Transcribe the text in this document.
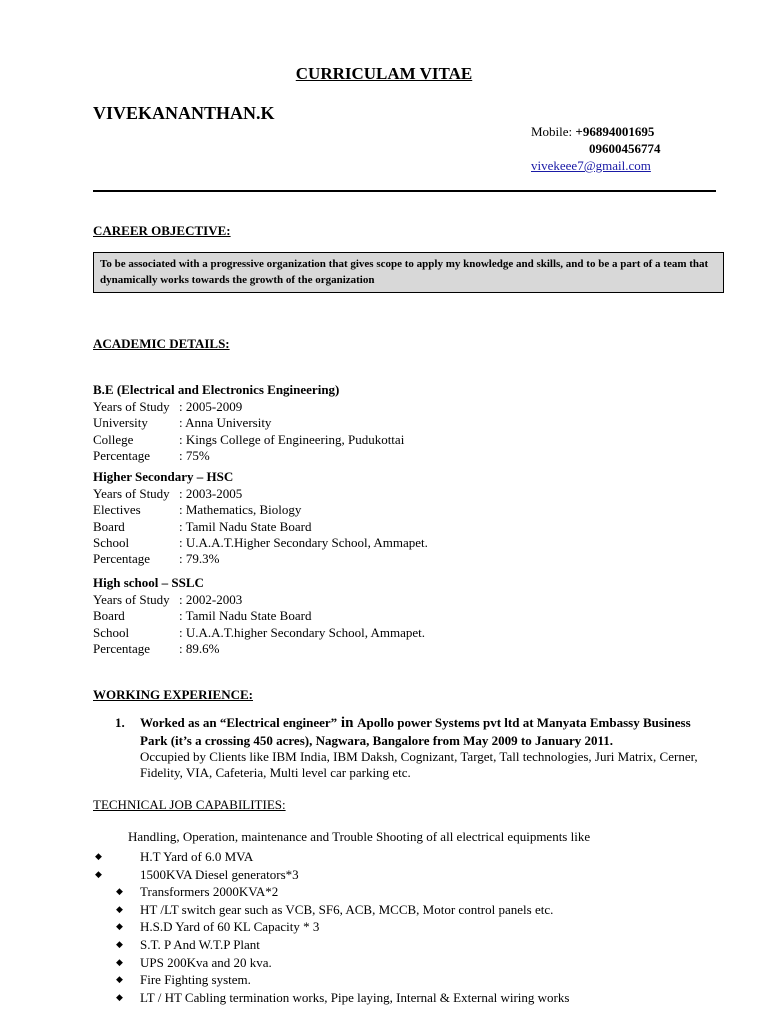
CURRICULAM VITAE
VIVEKANANTHAN.K
Mobile: +96894001695
09600456774
vivekeee7@gmail.com
CAREER OBJECTIVE:
To be associated with a progressive organization that gives scope to apply my knowledge and skills, and to be a part of a team that dynamically works towards the growth of the organization
ACADEMIC DETAILS:
B.E (Electrical and Electronics Engineering)
Years of Study : 2005-2009
University	: Anna University
College	: Kings College of Engineering, Pudukottai
Percentage	: 75%
Higher Secondary – HSC
Years of Study : 2003-2005
Electives	: Mathematics, Biology
Board	: Tamil Nadu State Board
School	: U.A.A.T.Higher Secondary School, Ammapet.
Percentage	: 79.3%
High school – SSLC
Years of Study : 2002-2003
Board	: Tamil Nadu State Board
School	: U.A.A.T.higher Secondary School, Ammapet.
Percentage	: 89.6%
WORKING EXPERIENCE:
1. Worked as an “Electrical engineer” in Apollo power Systems pvt ltd at Manyata Embassy Business Park (it’s a crossing 450 acres), Nagwara, Bangalore from May 2009 to January 2011.
Occupied by Clients like IBM India, IBM Daksh, Cognizant, Target, Tall technologies, Juri Matrix, Cerner, Fidelity, VIA, Cafeteria, Multi level car parking etc.
TECHNICAL JOB CAPABILITIES:
Handling, Operation, maintenance and Trouble Shooting of all electrical equipments like
◆	H.T Yard of 6.0 MVA
◆	1500KVA Diesel generators*3
◆ Transformers 2000KVA*2
◆ HT /LT switch gear such as VCB, SF6, ACB, MCCB, Motor control panels etc.
◆ H.S.D Yard of 60 KL Capacity * 3
◆ S.T. P And W.T.P Plant
◆ UPS 200Kva and 20 kva.
◆ Fire Fighting system.
◆ LT / HT Cabling termination works, Pipe laying, Internal & External wiring works
